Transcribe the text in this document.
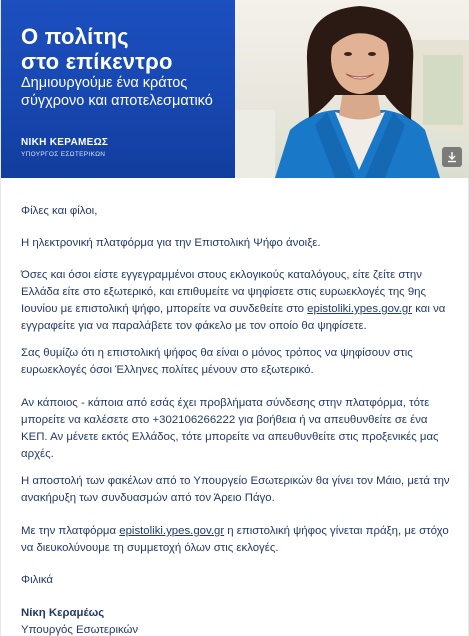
Ο πολίτης
στο επίκεντρο
Δημιουργούμε ένα κράτος
σύγχρονο και αποτελεσματικό
ΝΙΚΗ ΚΕΡΑΜΕΩΣ
ΥΠΟΥΡΓΟΣ ΕΣΩΤΕΡΙΚΩΝ

Φίλες και φίλοι,

Η ηλεκτρονική πλατφόρμα για την Επιστολική Ψήφο άνοιξε.

Όσες και όσοι είστε εγγεγραμμένοι στους εκλογικούς καταλόγους, είτε ζείτε στην Ελλάδα είτε στο εξωτερικό, και επιθυμείτε να ψηφίσετε στις ευρωεκλογές της 9ης Ιουνίου με επιστολική ψήφο, μπορείτε να συνδεθείτε στο epistoliki.ypes.gov.gr και να εγγραφείτε για να παραλάβετε τον φάκελο με τον οποίο θα ψηφίσετε.

Σας θυμίζω ότι η επιστολική ψήφος θα είναι ο μόνος τρόπος να ψηφίσουν στις ευρωεκλογές όσοι Έλληνες πολίτες μένουν στο εξωτερικό.

Αν κάποιος - κάποια από εσάς έχει προβλήματα σύνδεσης στην πλατφόρμα, τότε μπορείτε να καλέσετε στο +302106266222 για βοήθεια ή να απευθυνθείτε σε ένα ΚΕΠ. Αν μένετε εκτός Ελλάδος, τότε μπορείτε να απευθυνθείτε στις προξενικές μας αρχές.

Η αποστολή των φακέλων από το Υπουργείο Εσωτερικών θα γίνει τον Μάιο, μετά την ανακήρυξη των συνδυασμών από τον Άρειο Πάγο.

Με την πλατφόρμα epistoliki.ypes.gov.gr η επιστολική ψήφος γίνεται πράξη, με στόχο να διευκολύνουμε τη συμμετοχή όλων στις εκλογές.

Φιλικά

Νίκη Κεραμέως

Υπουργός Εσωτερικών
